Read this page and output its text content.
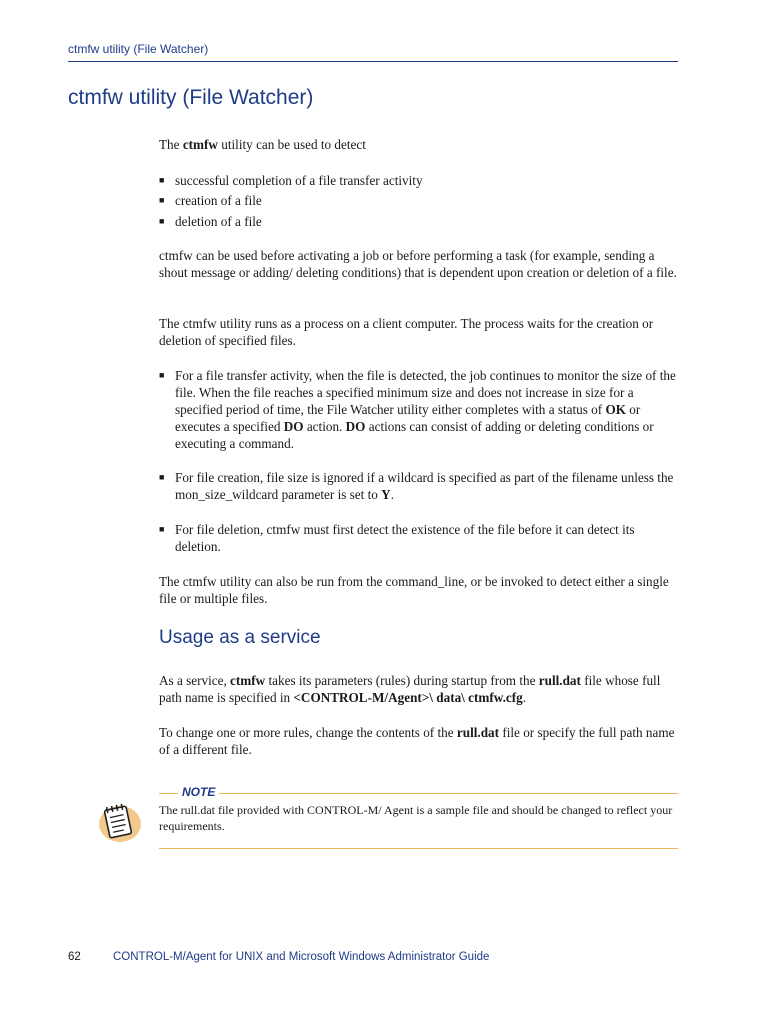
ctmfw utility (File Watcher)
ctmfw utility (File Watcher)

The ctmfw utility can be used to detect

■ successful completion of a file transfer activity
■ creation of a file
■ deletion of a file

ctmfw can be used before activating a job or before performing a task (for example, sending a shout message or adding/ deleting conditions) that is dependent upon creation or deletion of a file.

The ctmfw utility runs as a process on a client computer. The process waits for the creation or deletion of specified files.

■ For a file transfer activity, when the file is detected, the job continues to monitor the size of the file. When the file reaches a specified minimum size and does not increase in size for a specified period of time, the File Watcher utility either completes with a status of OK or executes a specified DO action. DO actions can consist of adding or deleting conditions or executing a command.
■ For file creation, file size is ignored if a wildcard is specified as part of the filename unless the mon_size_wildcard parameter is set to Y.
■ For file deletion, ctmfw must first detect the existence of the file before it can detect its deletion.

The ctmfw utility can also be run from the command_line, or be invoked to detect either a single file or multiple files.

Usage as a service

As a service, ctmfw takes its parameters (rules) during startup from the rull.dat file whose full path name is specified in <CONTROL-M/Agent>\ data\ ctmfw.cfg.

To change one or more rules, change the contents of the rull.dat file or specify the full path name of a different file.

NOTE
The rull.dat file provided with CONTROL-M/ Agent is a sample file and should be changed to reflect your requirements.
62	CONTROL-M/Agent for UNIX and Microsoft Windows Administrator Guide
